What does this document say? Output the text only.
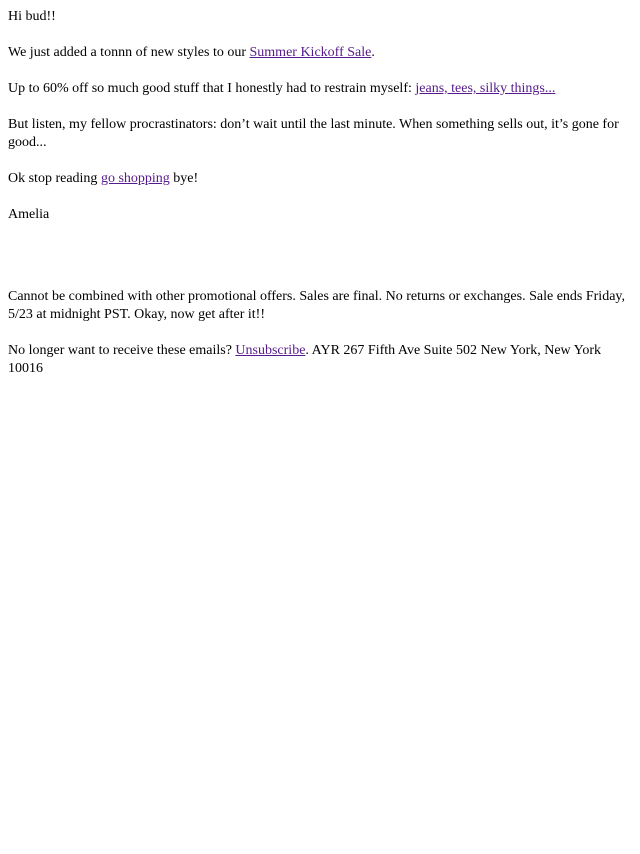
Hi bud!!

We just added a tonnn of new styles to our Summer Kickoff Sale.

Up to 60% off so much good stuff that I honestly had to restrain myself: jeans, tees, silky things...

But listen, my fellow procrastinators: don’t wait until the last minute. When something sells out, it’s gone for good...

Ok stop reading go shopping bye!

Amelia

Cannot be combined with other promotional offers. Sales are final. No returns or exchanges. Sale ends Friday, 5/23 at midnight PST. Okay, now get after it!!

No longer want to receive these emails? Unsubscribe. AYR 267 Fifth Ave Suite 502 New York, New York 10016
